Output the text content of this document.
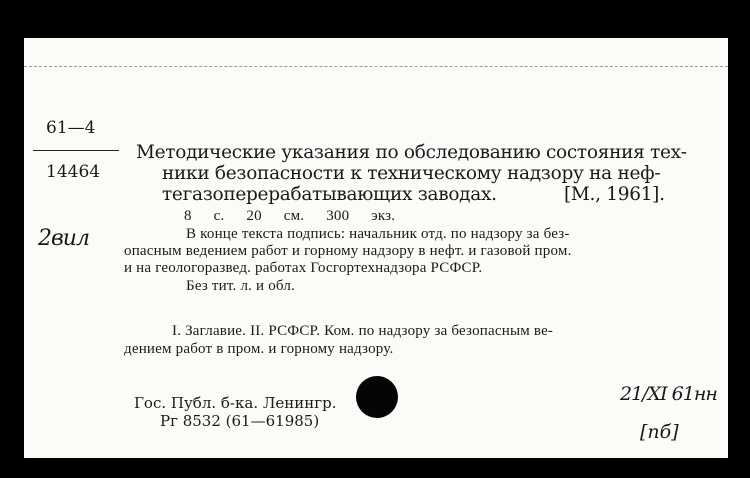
61—4
14464
2вил
Методические указания по обследованию состояния тех-
ники безопасности к техническому надзору на неф-
тегазоперерабатывающих заводах.	[М., 1961].
8 с. 20 см. 300 экз.
В конце текста подпись: начальник отд. по надзору за без-
опасным ведением работ и горному надзору в нефт. и газовой пром.
и на геологоразвед. работах Госгортехнадзора РСФСР.
Без тит. л. и обл.
I. Заглавие. II. РСФСР. Ком. по надзору за безопасным ве-
дением работ в пром. и горному надзору.
Гос. Публ. б-ка. Ленингр.
Рг 8532 (61—61985)
21/XI 61нн
[пб]
